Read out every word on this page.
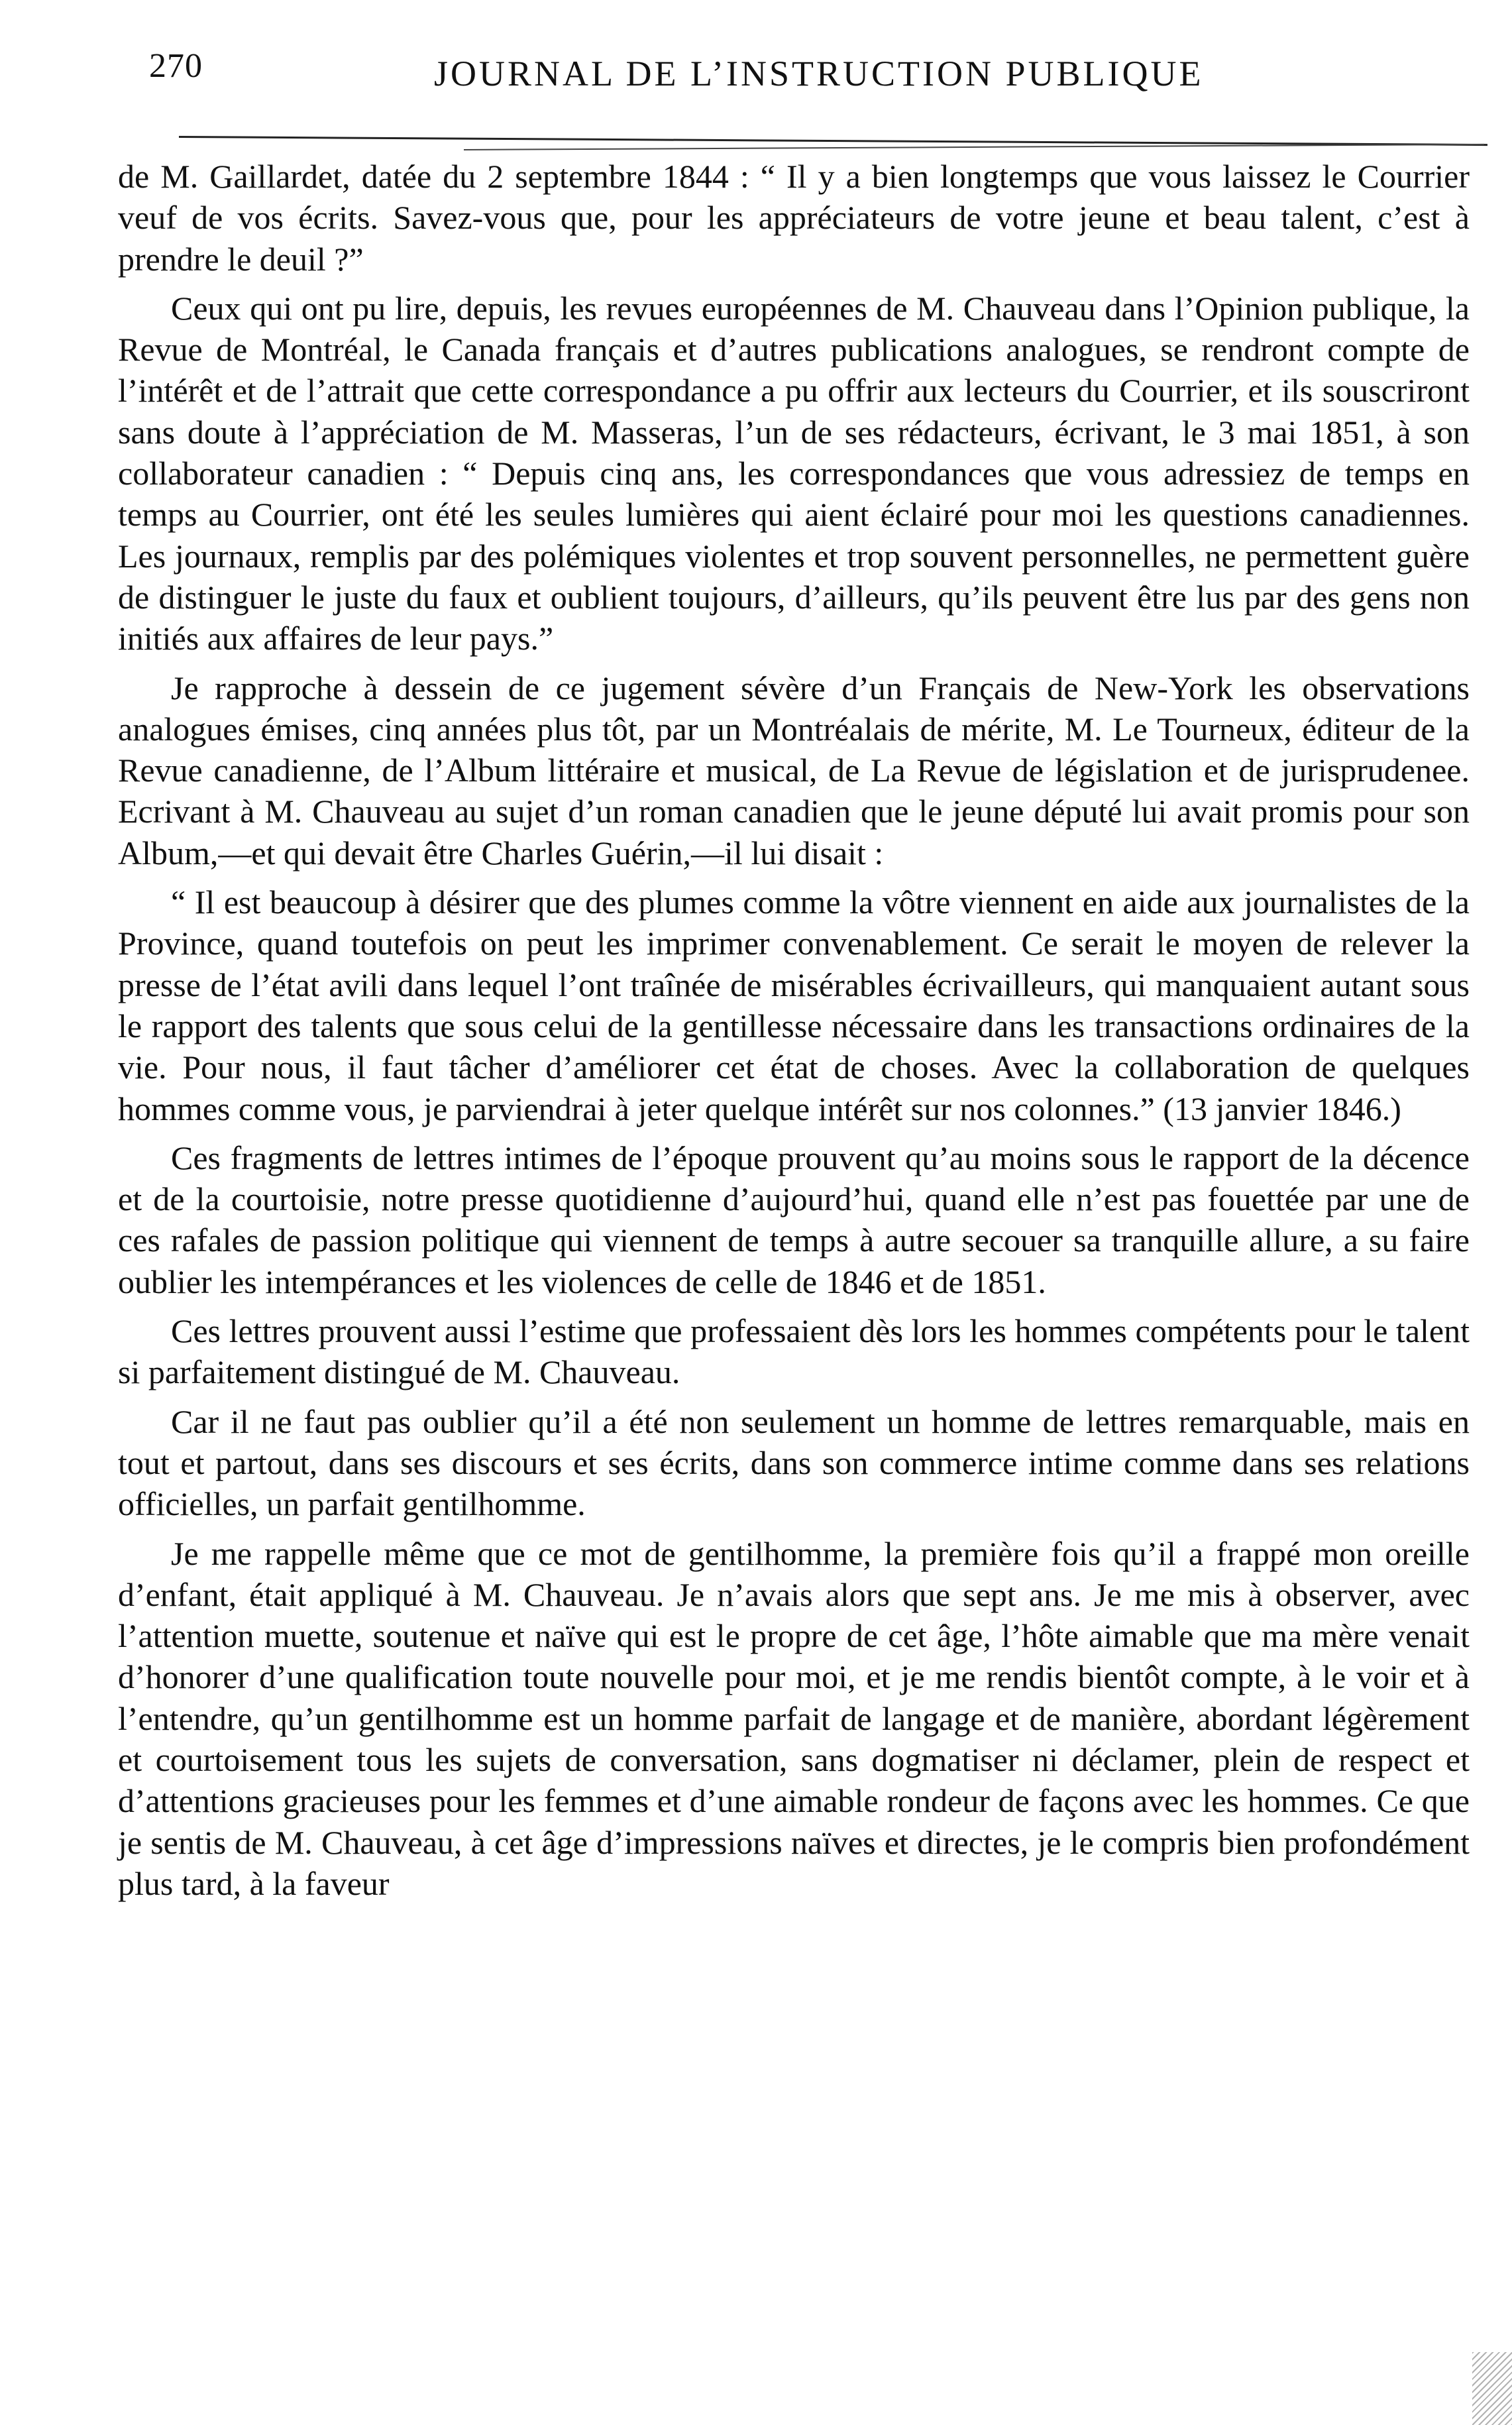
270	JOURNAL DE L’INSTRUCTION PUBLIQUE

de M. Gaillardet, datée du 2 septembre 1844 : “ Il y a bien longtemps que vous laissez le Courrier veuf de vos écrits. Savez-vous que, pour les appréciateurs de votre jeune et beau talent, c’est à prendre le deuil ?”

Ceux qui ont pu lire, depuis, les revues européennes de M. Chauveau dans l’Opinion publique, la Revue de Montréal, le Canada français et d’autres publications analogues, se rendront compte de l’intérêt et de l’attrait que cette correspondance a pu offrir aux lecteurs du Courrier, et ils souscriront sans doute à l’appréciation de M. Masseras, l’un de ses rédacteurs, écrivant, le 3 mai 1851, à son collaborateur canadien : “ Depuis cinq ans, les correspondances que vous adressiez de temps en temps au Courrier, ont été les seules lumières qui aient éclairé pour moi les questions canadiennes. Les journaux, remplis par des polémiques violentes et trop souvent personnelles, ne permettent guère de distinguer le juste du faux et oublient toujours, d’ailleurs, qu’ils peuvent être lus par des gens non initiés aux affaires de leur pays.”

Je rapproche à dessein de ce jugement sévère d’un Français de New-York les observations analogues émises, cinq années plus tôt, par un Montréalais de mérite, M. Le Tourneux, éditeur de la Revue canadienne, de l’Album littéraire et musical, de La Revue de législation et de jurisprudenee. Ecrivant à M. Chauveau au sujet d’un roman canadien que le jeune député lui avait promis pour son Album,—et qui devait être Charles Guérin,—il lui disait :

“ Il est beaucoup à désirer que des plumes comme la vôtre viennent en aide aux journalistes de la Province, quand toutefois on peut les imprimer convenablement. Ce serait le moyen de relever la presse de l’état avili dans lequel l’ont traînée de misérables écrivailleurs, qui manquaient autant sous le rapport des talents que sous celui de la gentillesse nécessaire dans les transactions ordinaires de la vie. Pour nous, il faut tâcher d’améliorer cet état de choses. Avec la collaboration de quelques hommes comme vous, je parviendrai à jeter quelque intérêt sur nos colonnes.” (13 janvier 1846.)

Ces fragments de lettres intimes de l’époque prouvent qu’au moins sous le rapport de la décence et de la courtoisie, notre presse quotidienne d’aujourd’hui, quand elle n’est pas fouettée par une de ces rafales de passion politique qui viennent de temps à autre secouer sa tranquille allure, a su faire oublier les intempérances et les violences de celle de 1846 et de 1851.

Ces lettres prouvent aussi l’estime que professaient dès lors les hommes compétents pour le talent si parfaitement distingué de M. Chauveau.

Car il ne faut pas oublier qu’il a été non seulement un homme de lettres remarquable, mais en tout et partout, dans ses discours et ses écrits, dans son commerce intime comme dans ses relations officielles, un parfait gentilhomme.

Je me rappelle même que ce mot de gentilhomme, la première fois qu’il a frappé mon oreille d’enfant, était appliqué à M. Chauveau. Je n’avais alors que sept ans. Je me mis à observer, avec l’attention muette, soutenue et naïve qui est le propre de cet âge, l’hôte aimable que ma mère venait d’honorer d’une qualification toute nouvelle pour moi, et je me rendis bientôt compte, à le voir et à l’entendre, qu’un gentilhomme est un homme parfait de langage et de manière, abordant légèrement et courtoisement tous les sujets de conversation, sans dogmatiser ni déclamer, plein de respect et d’attentions gracieuses pour les femmes et d’une aimable rondeur de façons avec les hommes. Ce que je sentis de M. Chauveau, à cet âge d’impressions naïves et directes, je le compris bien profondément plus tard, à la faveur
